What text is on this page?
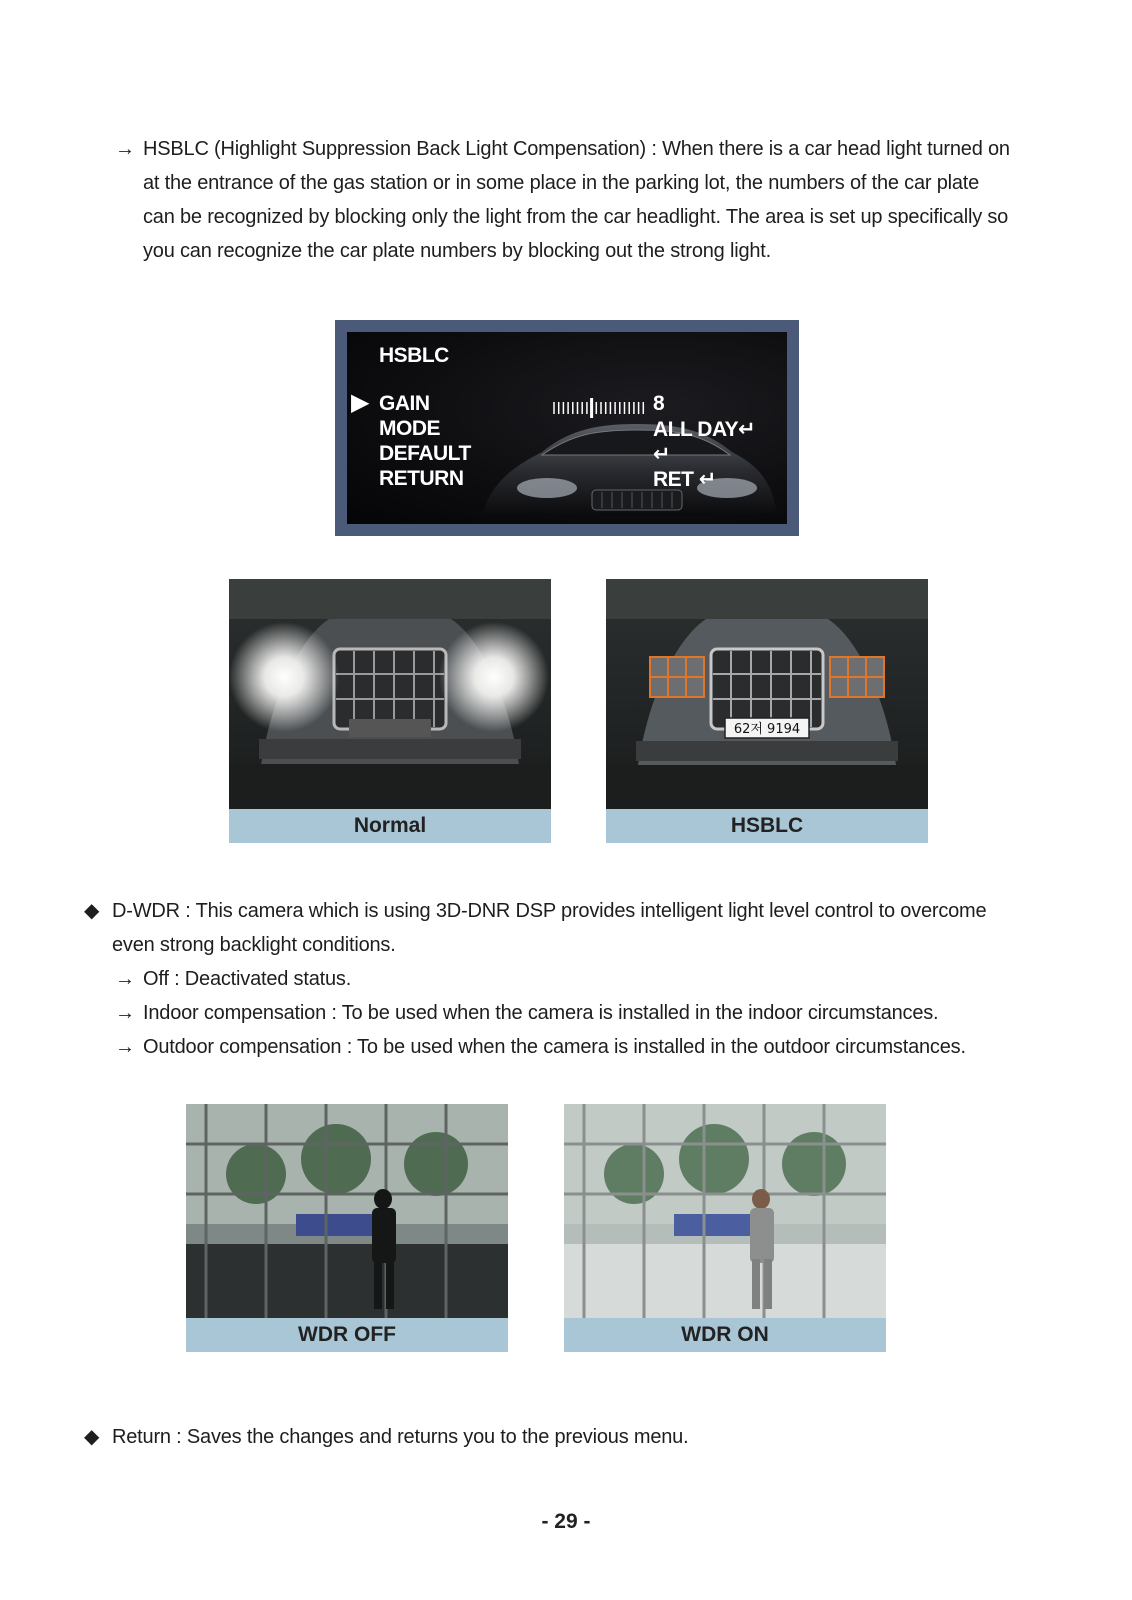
→ HSBLC (Highlight Suppression Back Light Compensation) : When there is a car head light turned on
at the entrance of the gas station or in some place in the parking lot, the numbers of the car plate
can be recognized by blocking only the light from the car headlight. The area is set up specifically so
you can recognize the car plate numbers by blocking out the strong light.
HSBLC
▶ GAIN
MODE
DEFAULT
RETURN
8
ALL DAY↵
↵
RET ↵
Normal
62저 9194
HSBLC
◆ D-WDR : This camera which is using 3D-DNR DSP provides intelligent light level control to overcome
even strong backlight conditions.
→ Off : Deactivated status.
→ Indoor compensation : To be used when the camera is installed in the indoor circumstances.
→ Outdoor compensation : To be used when the camera is installed in the outdoor circumstances.
WDR OFF	WDR ON
◆ Return : Saves the changes and returns you to the previous menu.
- 29 -
